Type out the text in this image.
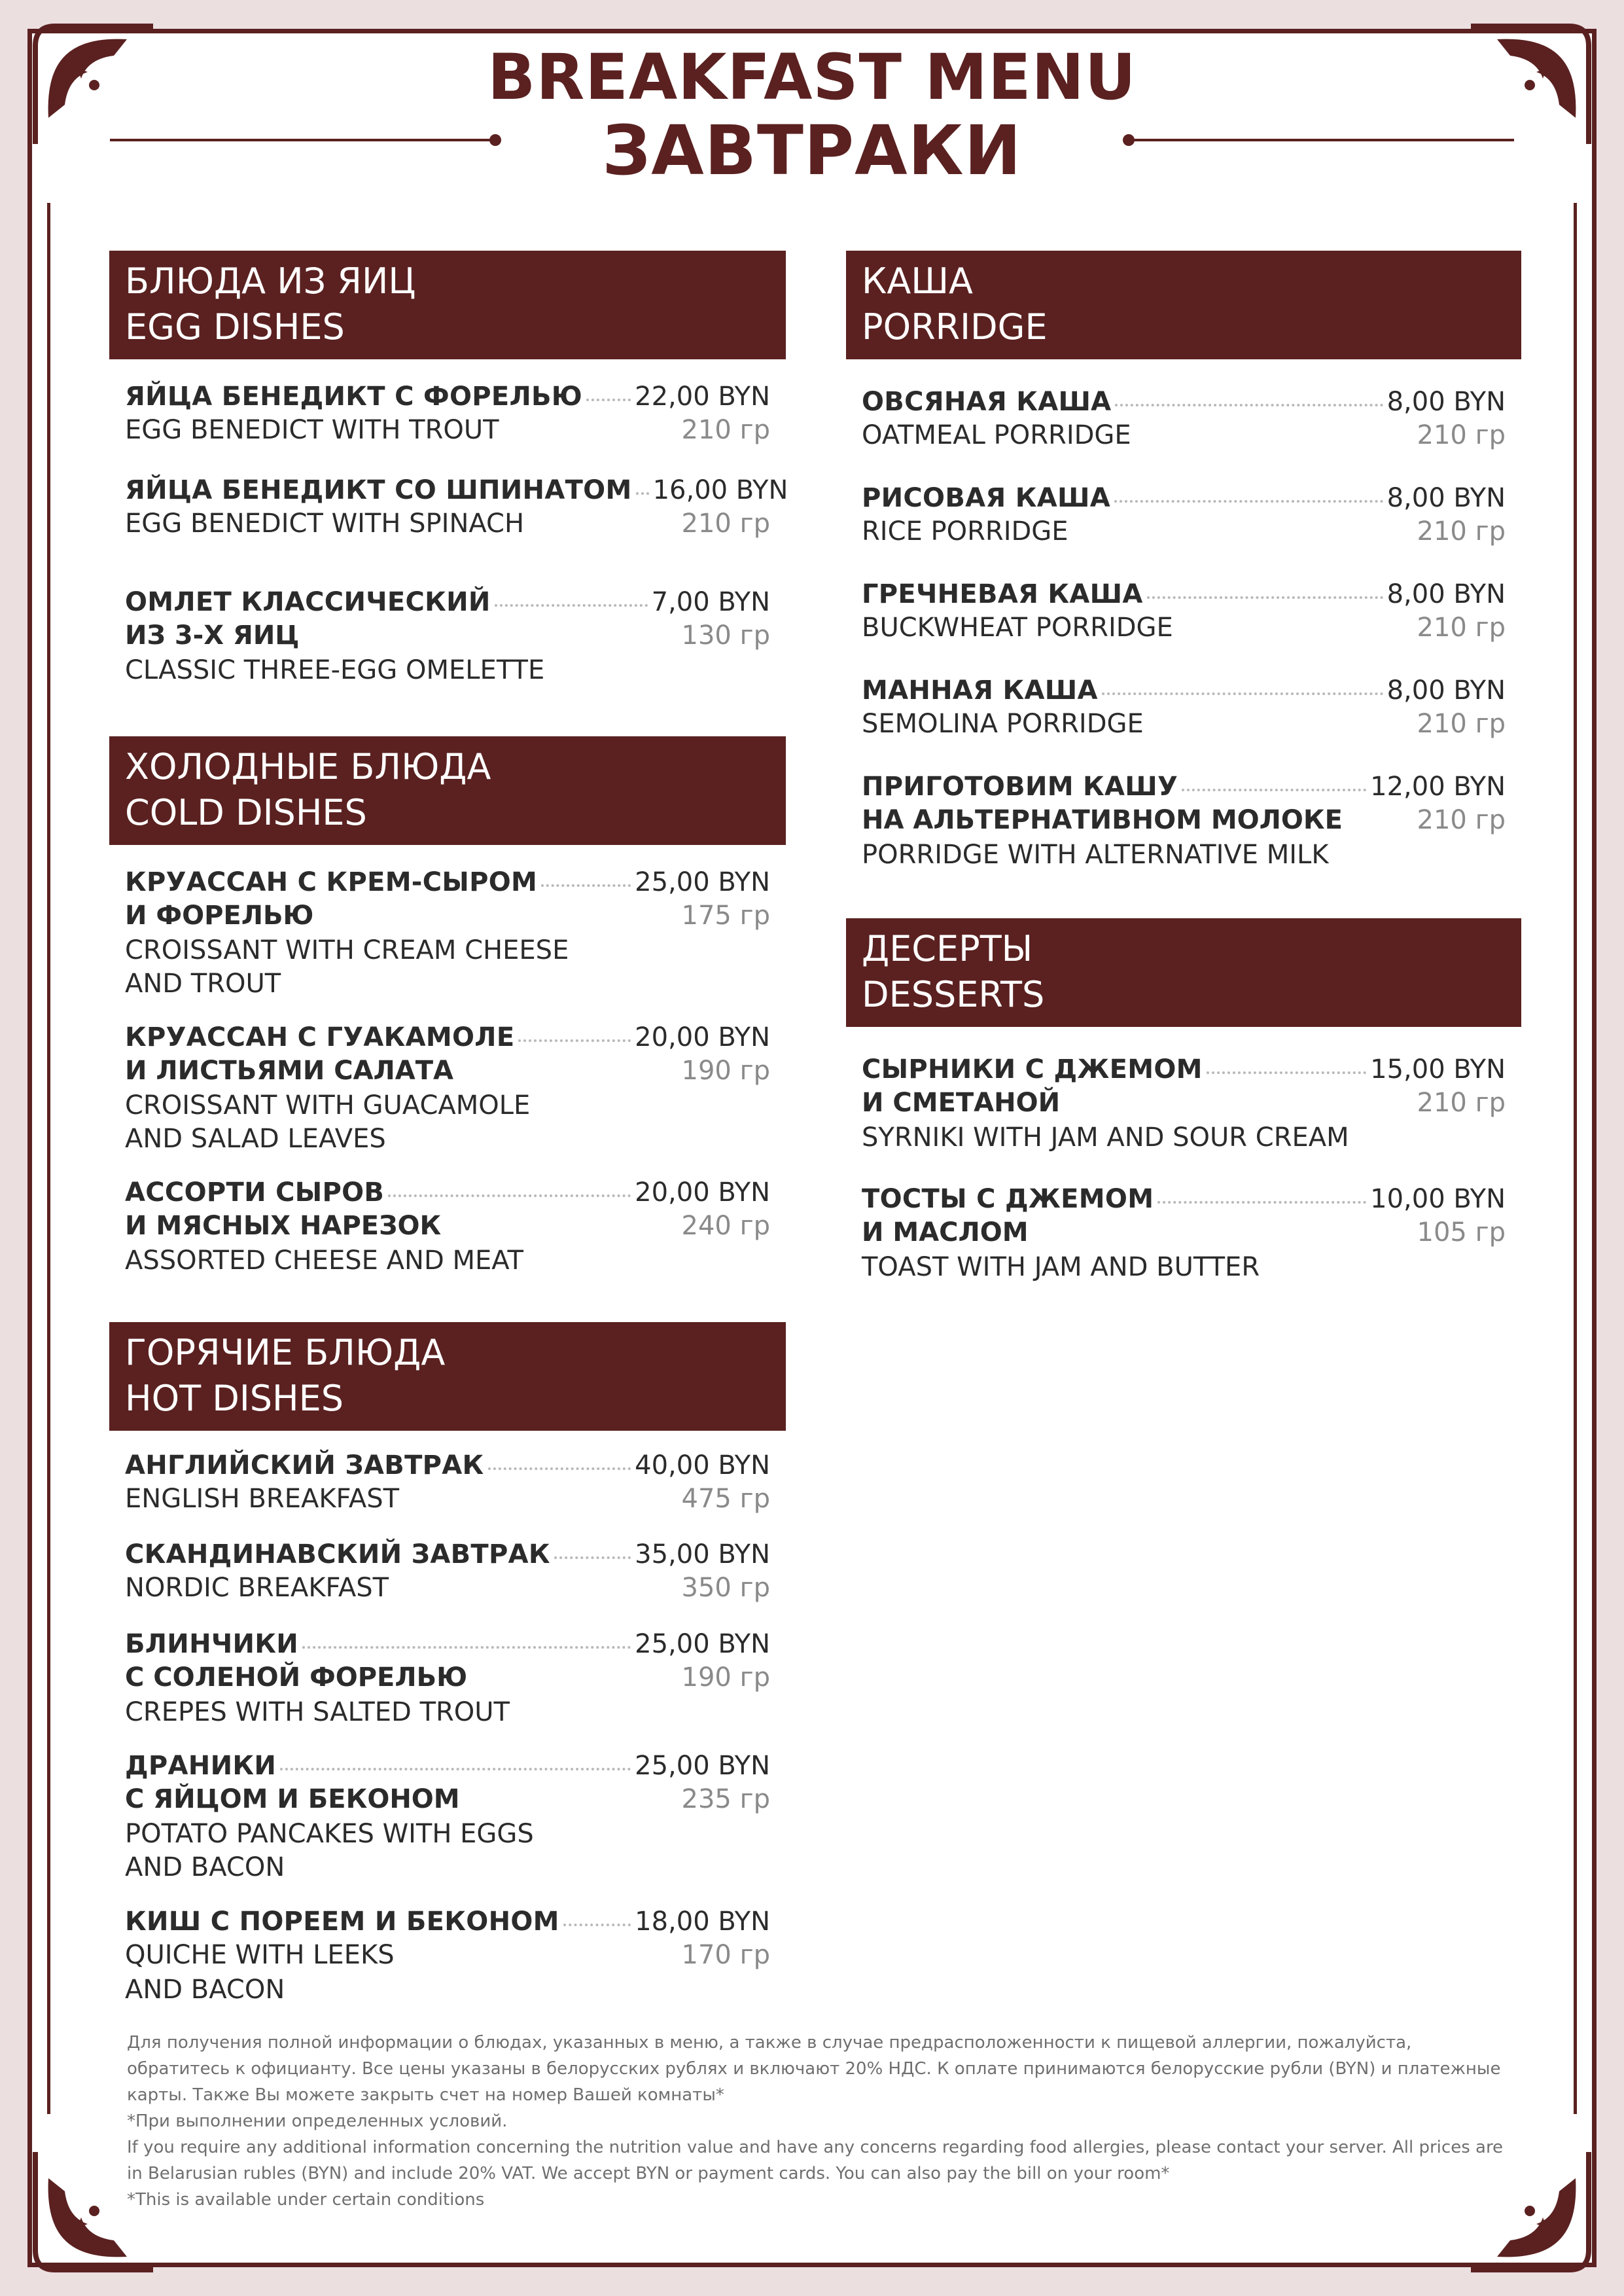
BREAKFAST MENU
ЗАВТРАКИ
БЛЮДА ИЗ ЯИЦ
EGG DISHES
ЯЙЦА БЕНЕДИКТ С ФОРЕЛЬЮ 22,00 BYN
EGG BENEDICT WITH TROUT	210 гр
ЯЙЦА БЕНЕДИКТ СО ШПИНАТОМ 16,00 BYN
EGG BENEDICT WITH SPINACH	210 гр
ОМЛЕТ КЛАССИЧЕСКИЙ	7,00 BYN
ИЗ 3-Х ЯИЦ	130 гр
CLASSIC THREE-EGG OMELETTE
ХОЛОДНЫЕ БЛЮДА
COLD DISHES
КРУАССАН С КРЕМ-СЫРОМ	25,00 BYN
И ФОРЕЛЬЮ	175 гр
CROISSANT WITH CREAM CHEESE
AND TROUT
КРУАССАН С ГУАКАМОЛЕ	20,00 BYN
И ЛИСТЬЯМИ САЛАТА	190 гр
CROISSANT WITH GUACAMOLE
AND SALAD LEAVES
АССОРТИ СЫРОВ	20,00 BYN
И МЯСНЫХ НАРЕЗОК	240 гр
ASSORTED CHEESE AND MEAT
ГОРЯЧИЕ БЛЮДА
HOT DISHES
АНГЛИЙСКИЙ ЗАВТРАК	40,00 BYN
ENGLISH BREAKFAST	475 гр
СКАНДИНАВСКИЙ ЗАВТРАК	35,00 BYN
NORDIC BREAKFAST	350 гр
БЛИНЧИКИ	25,00 BYN
С СОЛЕНОЙ ФОРЕЛЬЮ	190 гр
CREPES WITH SALTED TROUT
ДРАНИКИ	25,00 BYN
С ЯЙЦОМ И БЕКОНОМ	235 гр
POTATO PANCAKES WITH EGGS
AND BACON
КИШ С ПОРЕЕМ И БЕКОНОМ	18,00 BYN
QUICHE WITH LEEKS	170 гр
AND BACON
КАША
PORRIDGE
ОВСЯНАЯ КАША	8,00 BYN
OATMEAL PORRIDGE	210 гр
РИСОВАЯ КАША	8,00 BYN
RICE PORRIDGE	210 гр
ГРЕЧНЕВАЯ КАША	8,00 BYN
BUCKWHEAT PORRIDGE	210 гр
МАННАЯ КАША	8,00 BYN
SEMOLINA PORRIDGE	210 гр
ПРИГОТОВИМ КАШУ	12,00 BYN
НА АЛЬТЕРНАТИВНОМ МОЛОКЕ	210 гр
PORRIDGE WITH ALTERNATIVE MILK
ДЕСЕРТЫ
DESSERTS
СЫРНИКИ С ДЖЕМОМ	15,00 BYN
И СМЕТАНОЙ	210 гр
SYRNIKI WITH JAM AND SOUR CREAM
ТОСТЫ С ДЖЕМОМ	10,00 BYN
И МАСЛОМ	105 гр
TOAST WITH JAM AND BUTTER

Для получения полной информации о блюдах, указанных в меню, а также в случае предрасположенности к пищевой аллергии, пожалуйста, обратитесь к официанту. Все цены указаны в белорусских рублях и включают 20% НДС. К оплате принимаются белорусские рубли (BYN) и платежные карты. Также Вы можете закрыть счет на номер Вашей комнаты*

*При выполнении определенных условий.

If you require any additional information concerning the nutrition value and have any concerns regarding food allergies, please contact your server. All prices are in Belarusian rubles (BYN) and include 20% VAT. We accept BYN or payment cards. You can also pay the bill on your room*

*This is available under certain conditions
